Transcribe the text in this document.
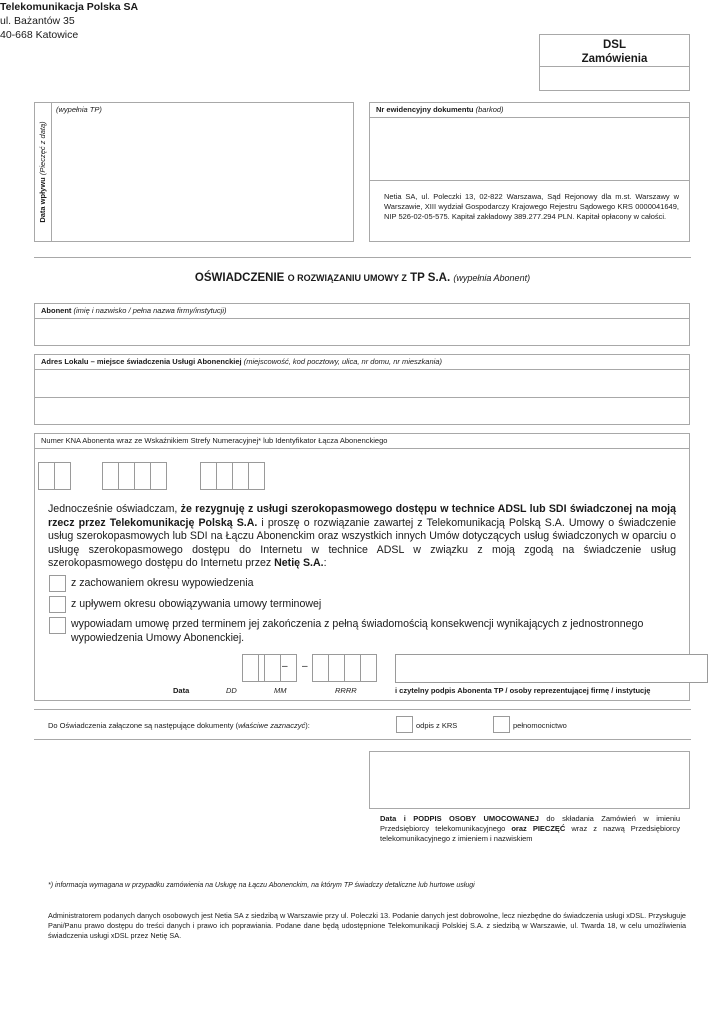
Telekomunikacja Polska SA
ul. Bażantów 35
40-668 Katowice
DSL
Zamówienia
Data wpływu (Pieczęć z datą)
(wypełnia TP)	Nr ewidencyjny dokumentu (barkod)
Netia SA, ul. Poleczki 13, 02-822 Warszawa, Sąd Rejonowy dla m.st. Warszawy w Warszawie, XIII wydział Gospodarczy Krajowego Rejestru Sądowego KRS 0000041649, NIP 526-02-05-575. Kapitał zakładowy 389.277.294 PLN. Kapitał opłacony w całości.
OŚWIADCZENIE O ROZWIĄZANIU UMOWY Z TP S.A. (wypełnia Abonent)
Abonent (imię i nazwisko / pełna nazwa firmy/instytucji)
Adres Lokalu – miejsce świadczenia Usługi Abonenckiej (miejscowość, kod pocztowy, ulica, nr domu, nr mieszkania)
Numer KNA Abonenta wraz ze Wskaźnikiem Strefy Numeracyjnej* lub Identyfikator Łącza Abonenckiego
Jednocześnie oświadczam, że rezygnuję z usługi szerokopasmowego dostępu w technice ADSL lub SDI świadczonej na moją rzecz przez Telekomunikację Polską S.A. i proszę o rozwiązanie zawartej z Telekomunikacją Polską S.A. Umowy o świadczenie usług szerokopasmowych lub SDI na Łączu Abonenckim oraz wszystkich innych Umów dotyczących usług świadczonych w oparciu o usługę szerokopasmowego dostępu do Internetu w technice ADSL w związku z moją zgodą na świadczenie usług szerokopasmowego dostępu do Internetu przez Netię S.A.:
z zachowaniem okresu wypowiedzenia
z upływem okresu obowiązywania umowy terminowej
wypowiadam umowę przed terminem jej zakończenia z pełną świadomością konsekwencji wynikających z jednostronnego wypowiedzenia Umowy Abonenckiej.
– –
Data	DD	MM	RRRR	i czytelny podpis Abonenta TP / osoby reprezentującej firmę / instytucję
Do Oświadczenia załączone są następujące dokumenty (właściwe zaznaczyć):	odpis z KRS	pełnomocnictwo
Data i PODPIS OSOBY UMOCOWANEJ do składania Zamówień w imieniu Przedsiębiorcy telekomunikacyjnego oraz PIECZĘĆ wraz z nazwą Przedsiębiorcy telekomunikacyjnego z imieniem i nazwiskiem
*) informacja wymagana w przypadku zamówienia na Usługę na Łączu Abonenckim, na którym TP świadczy detaliczne lub hurtowe usługi
Administratorem podanych danych osobowych jest Netia SA z siedzibą w Warszawie przy ul. Poleczki 13. Podanie danych jest dobrowolne, lecz niezbędne do świadczenia usługi xDSL. Przysługuje Pani/Panu prawo dostępu do treści danych i prawo ich poprawiania. Podane dane będą udostępnione Telekomunikacji Polskiej S.A. z siedzibą w Warszawie, ul. Twarda 18, w celu umożliwienia świadczenia usługi xDSL przez Netię SA.
